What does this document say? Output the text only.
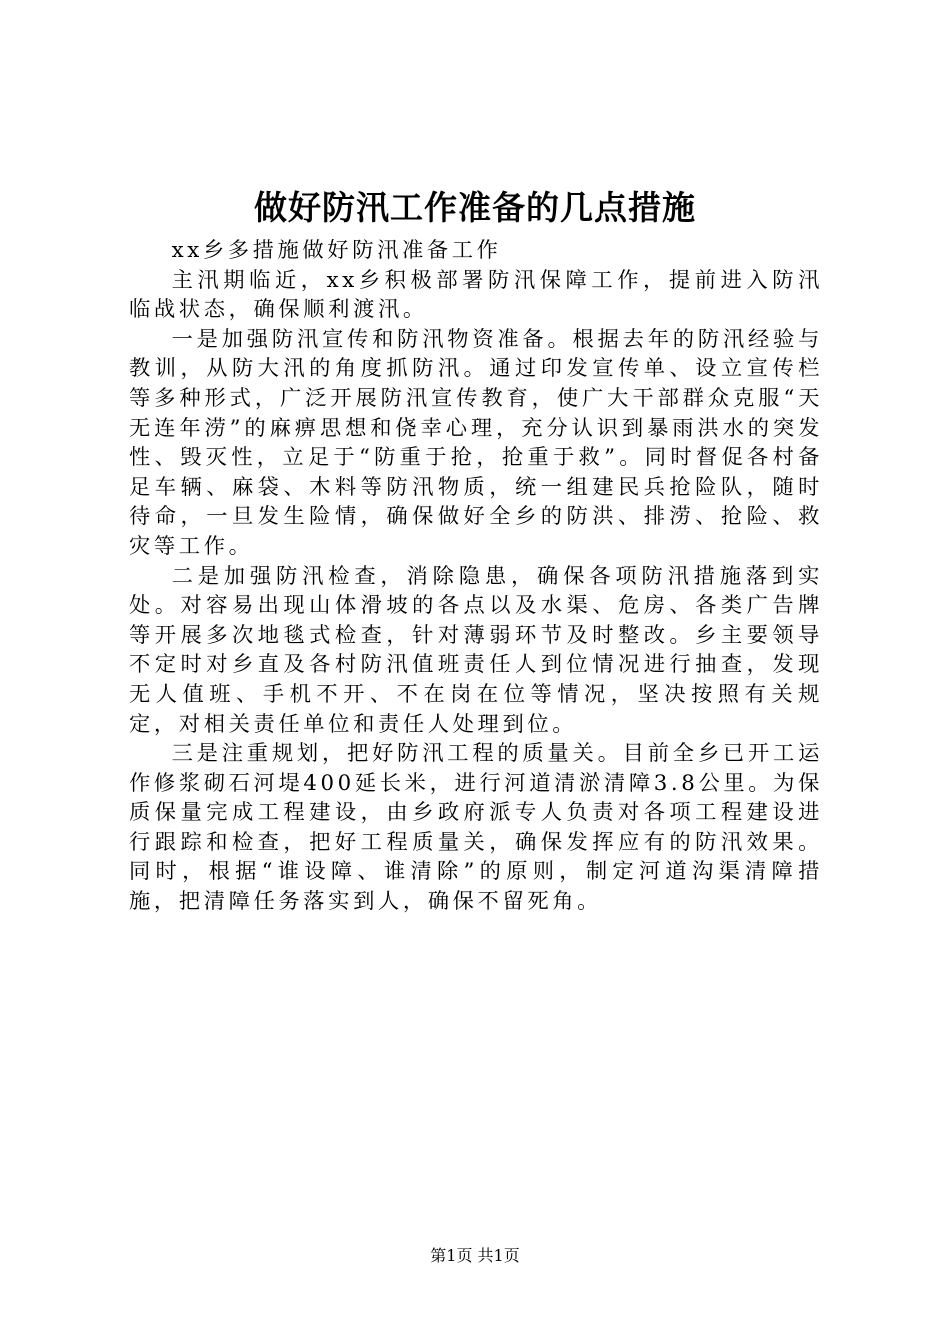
做好防汛工作准备的几点措施

xx乡多措施做好防汛准备工作

主汛期临近，xx乡积极部署防汛保障工作，提前进入防汛临战状态，确保顺利渡汛。

一是加强防汛宣传和防汛物资准备。根据去年的防汛经验与教训，从防大汛的角度抓防汛。通过印发宣传单、设立宣传栏等多种形式，广泛开展防汛宣传教育，使广大干部群众克服“天无连年涝”的麻痹思想和侥幸心理，充分认识到暴雨洪水的突发性、毁灭性，立足于“防重于抢，抢重于救”。同时督促各村备足车辆、麻袋、木料等防汛物质，统一组建民兵抢险队，随时待命，一旦发生险情，确保做好全乡的防洪、排涝、抢险、救灾等工作。

二是加强防汛检查，消除隐患，确保各项防汛措施落到实处。对容易出现山体滑坡的各点以及水渠、危房、各类广告牌等开展多次地毯式检查，针对薄弱环节及时整改。乡主要领导不定时对乡直及各村防汛值班责任人到位情况进行抽查，发现无人值班、手机不开、不在岗在位等情况，坚决按照有关规定，对相关责任单位和责任人处理到位。

三是注重规划，把好防汛工程的质量关。目前全乡已开工运作修浆砌石河堤400延长米，进行河道清淤清障3.8公里。为保质保量完成工程建设，由乡政府派专人负责对各项工程建设进行跟踪和检查，把好工程质量关，确保发挥应有的防汛效果。同时，根据“谁设障、谁清除”的原则，制定河道沟渠清障措施，把清障任务落实到人，确保不留死角。

第1页 共1页
